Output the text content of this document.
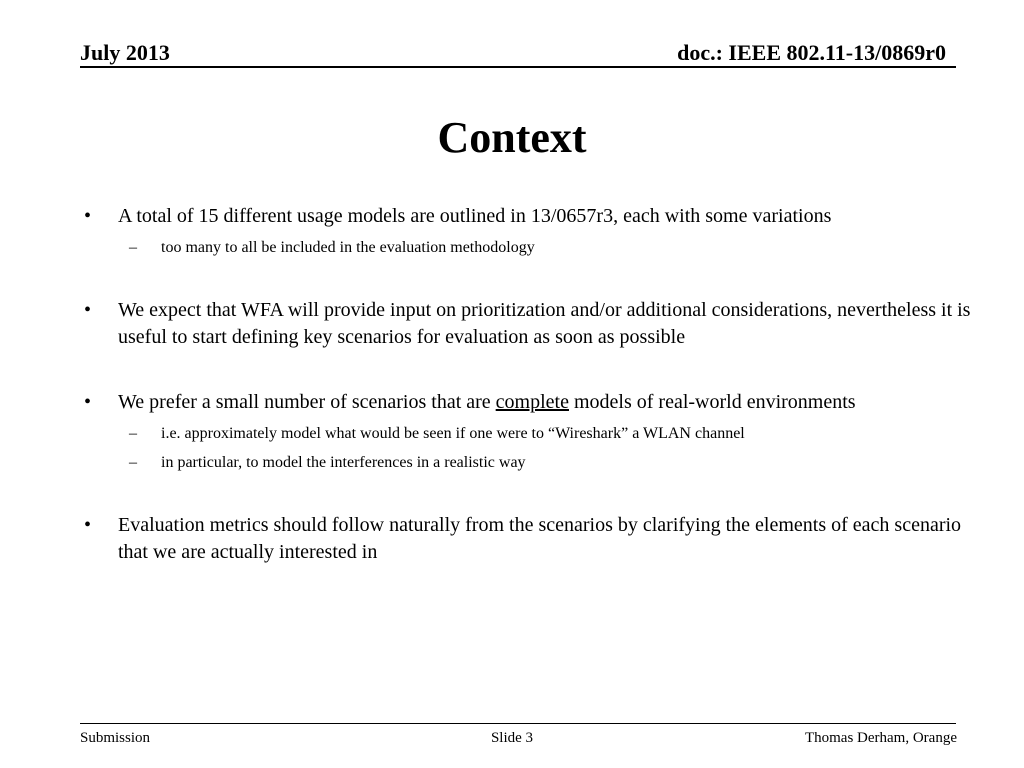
July 2013	doc.: IEEE 802.11-13/0869r0
Context
• A total of 15 different usage models are outlined in 13/0657r3, each with some variations
– too many to all be included in the evaluation methodology
• We expect that WFA will provide input on prioritization and/or additional considerations, nevertheless it is useful to start defining key scenarios for evaluation as soon as possible
• We prefer a small number of scenarios that are complete models of real-world environments
– i.e. approximately model what would be seen if one were to “Wireshark” a WLAN channel
– in particular, to model the interferences in a realistic way
• Evaluation metrics should follow naturally from the scenarios by clarifying the elements of each scenario that we are actually interested in
Submission	Slide 3	Thomas Derham, Orange
